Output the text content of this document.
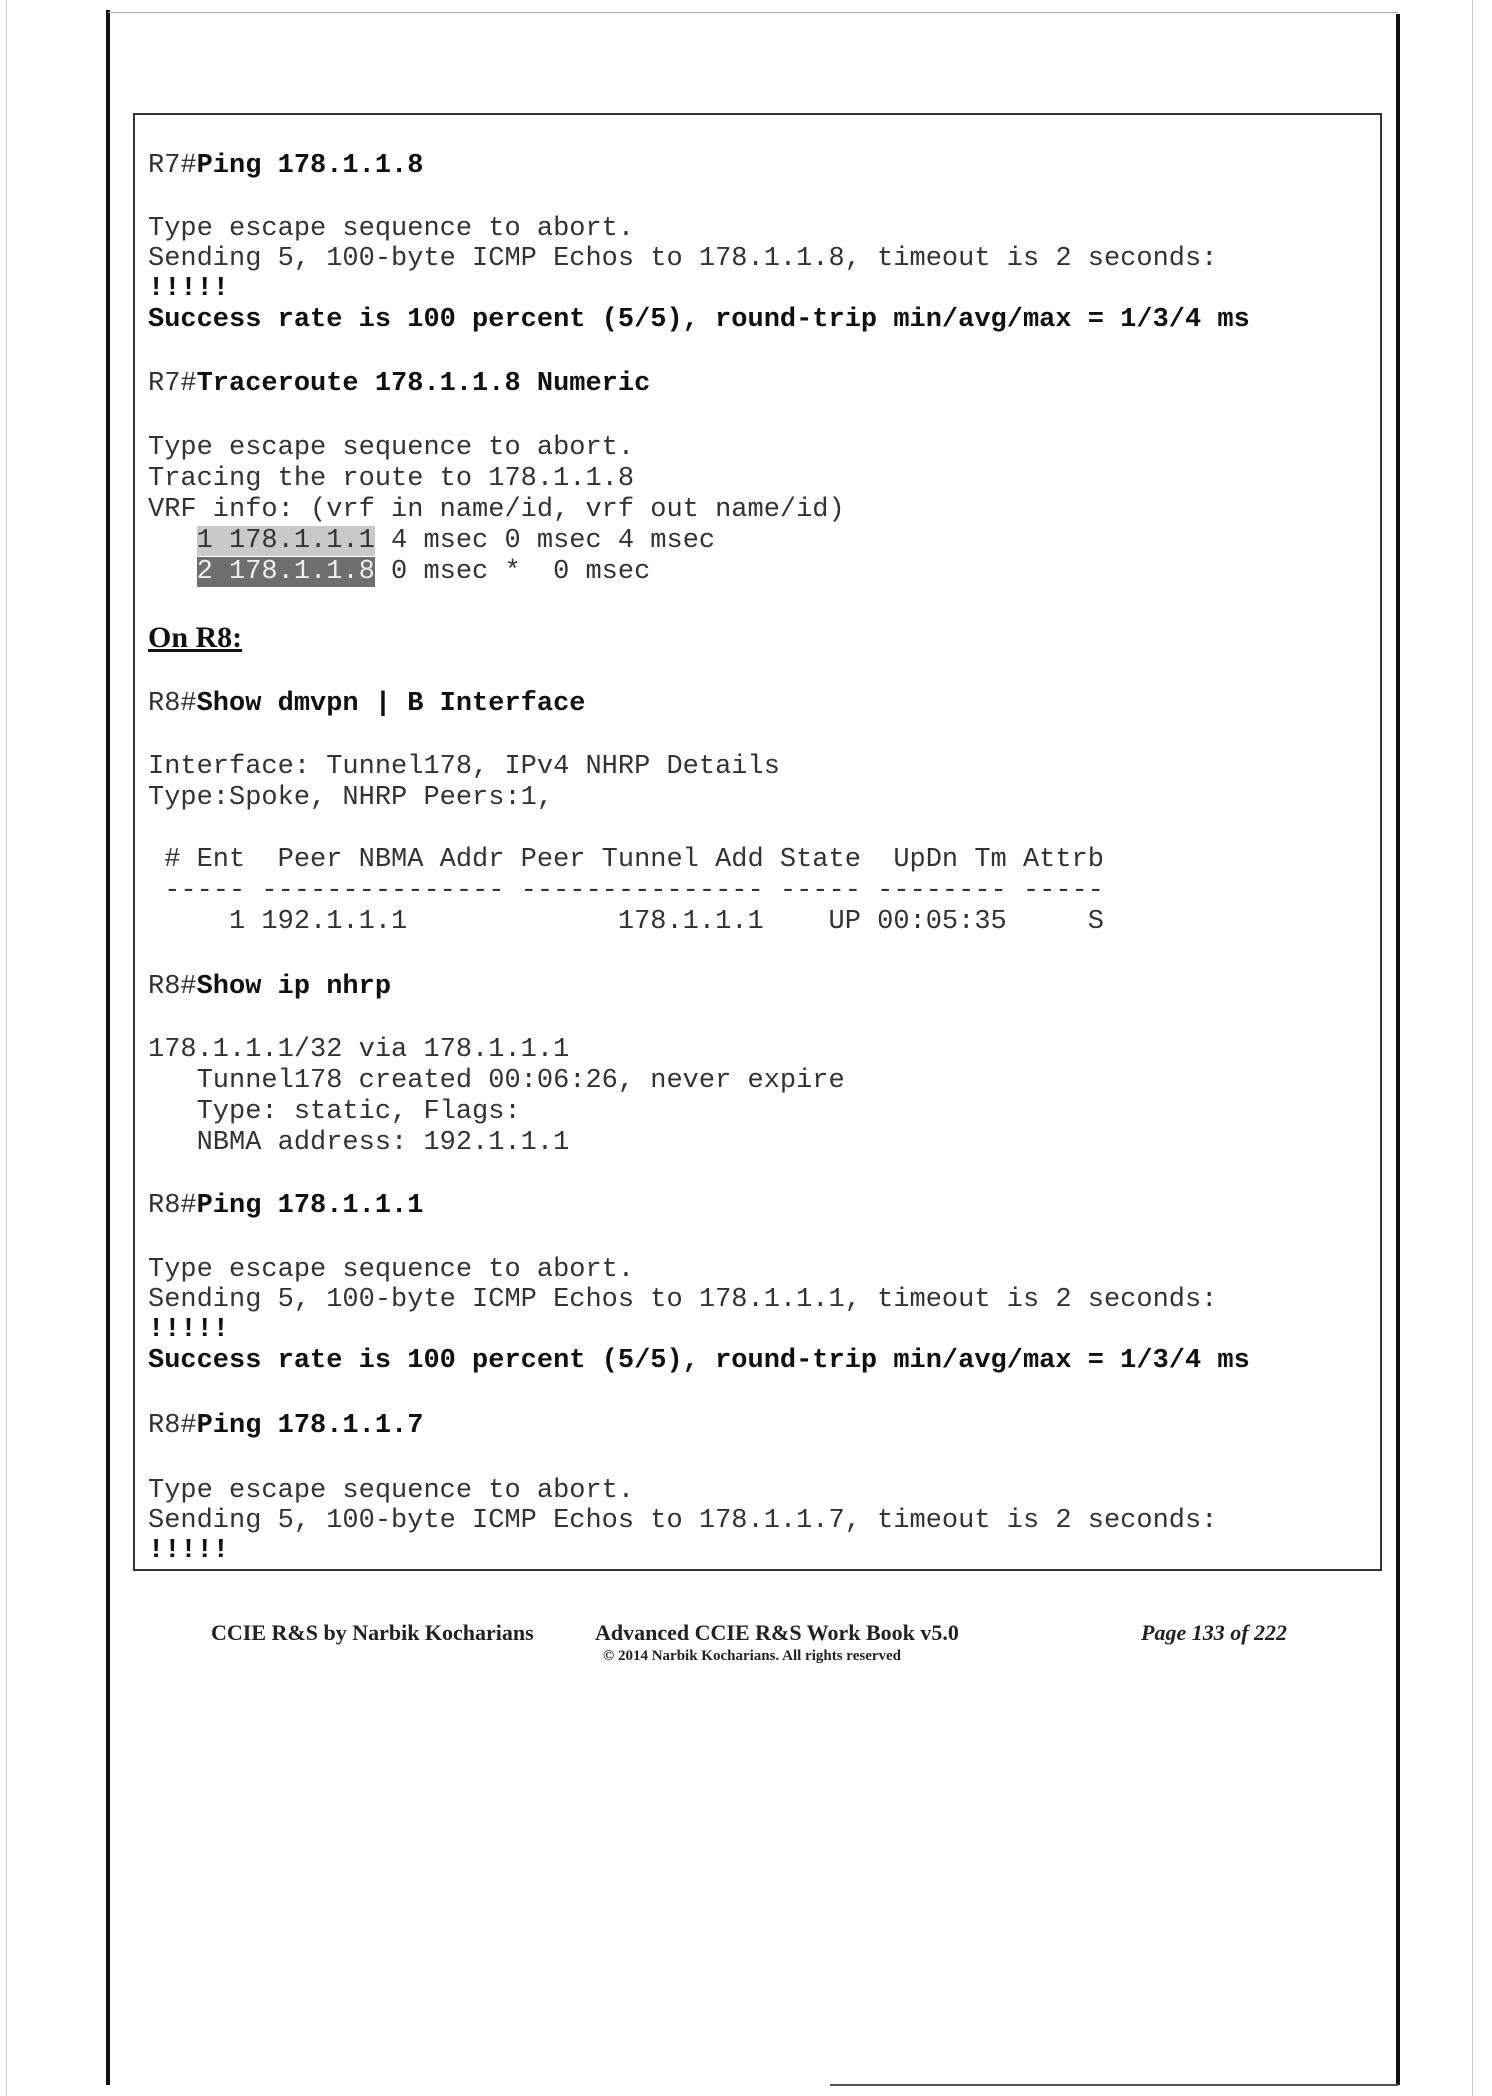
R7#Ping 178.1.1.8
Type escape sequence to abort.
Sending 5, 100-byte ICMP Echos to 178.1.1.8, timeout is 2 seconds:
!!!!!
Success rate is 100 percent (5/5), round-trip min/avg/max = 1/3/4 ms
R7#Traceroute 178.1.1.8 Numeric
Type escape sequence to abort.
Tracing the route to 178.1.1.8
VRF info: (vrf in name/id, vrf out name/id)
1 178.1.1.1 4 msec 0 msec 4 msec
2 178.1.1.8 0 msec *  0 msec
On R8:
R8#Show dmvpn | B Interface
Interface: Tunnel178, IPv4 NHRP Details
Type:Spoke, NHRP Peers:1,
# Ent  Peer NBMA Addr Peer Tunnel Add State  UpDn Tm Attrb
----- --------------- --------------- ----- -------- -----
1 192.1.1.1             178.1.1.1    UP 00:05:35     S
R8#Show ip nhrp
178.1.1.1/32 via 178.1.1.1
Tunnel178 created 00:06:26, never expire
Type: static, Flags:
NBMA address: 192.1.1.1
R8#Ping 178.1.1.1
Type escape sequence to abort.
Sending 5, 100-byte ICMP Echos to 178.1.1.1, timeout is 2 seconds:
!!!!!
Success rate is 100 percent (5/5), round-trip min/avg/max = 1/3/4 ms
R8#Ping 178.1.1.7
Type escape sequence to abort.
Sending 5, 100-byte ICMP Echos to 178.1.1.7, timeout is 2 seconds:
!!!!!
CCIE R&S by Narbik Kocharians	Advanced CCIE R&S Work Book v5.0
© 2014 Narbik Kocharians. All rights reserved
Page 133 of 222
